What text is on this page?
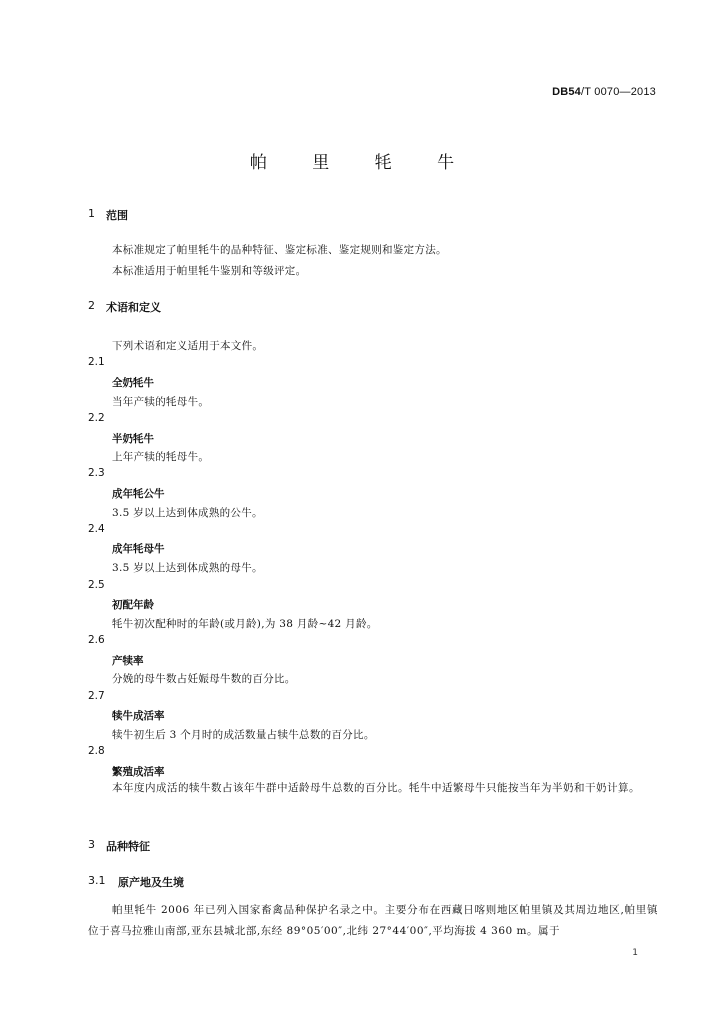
DB54/T 0070—2013
帕 里 牦 牛
1 范围
本标准规定了帕里牦牛的品种特征、鉴定标准、鉴定规则和鉴定方法。
本标准适用于帕里牦牛鉴别和等级评定。
2 术语和定义
下列术语和定义适用于本文件。
2.1
全奶牦牛
当年产犊的牦母牛。
2.2
半奶牦牛
上年产犊的牦母牛。
2.3
成年牦公牛
3.5 岁以上达到体成熟的公牛。
2.4
成年牦母牛
3.5 岁以上达到体成熟的母牛。
2.5
初配年龄
牦牛初次配种时的年龄(或月龄),为 38 月龄~42 月龄。
2.6
产犊率
分娩的母牛数占妊娠母牛数的百分比。
2.7
犊牛成活率
犊牛初生后 3 个月时的成活数量占犊牛总数的百分比。
2.8
繁殖成活率
本年度内成活的犊牛数占该年牛群中适龄母牛总数的百分比。牦牛中适繁母牛只能按当年为半奶和干奶计算。
3 品种特征
3.1 原产地及生境
帕里牦牛 2006 年已列入国家畜禽品种保护名录之中。主要分布在西藏日喀则地区帕里镇及其周边地区,帕里镇位于喜马拉雅山南部,亚东县城北部,东经 89°05′00″,北纬 27°44′00″,平均海拔 4 360 m。属于
1
